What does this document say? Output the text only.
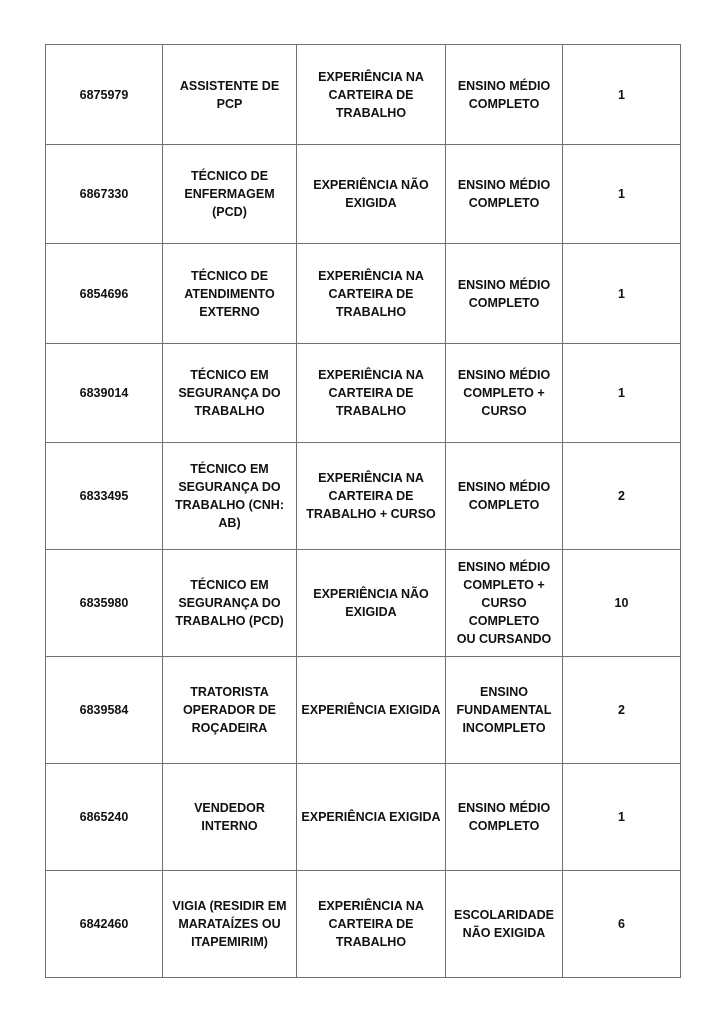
6875979	ASSISTENTE DE PCP	EXPERIÊNCIA NA
CARTEIRA DE
TRABALHO	ENSINO MÉDIO
COMPLETO	1
6867330	TÉCNICO DE
ENFERMAGEM (PCD)	EXPERIÊNCIA NÃO
EXIGIDA	ENSINO MÉDIO
COMPLETO	1
6854696	TÉCNICO DE
ATENDIMENTO
EXTERNO	EXPERIÊNCIA NA
CARTEIRA DE
TRABALHO	ENSINO MÉDIO
COMPLETO	1
6839014	TÉCNICO EM
SEGURANÇA DO
TRABALHO	EXPERIÊNCIA NA
CARTEIRA DE
TRABALHO	ENSINO MÉDIO
COMPLETO +
CURSO	1
6833495	TÉCNICO EM
SEGURANÇA DO
TRABALHO (CNH: AB)	EXPERIÊNCIA NA
CARTEIRA DE
TRABALHO + CURSO	ENSINO MÉDIO
COMPLETO	2
6835980	TÉCNICO EM
SEGURANÇA DO
TRABALHO (PCD)	EXPERIÊNCIA NÃO
EXIGIDA	ENSINO MÉDIO
COMPLETO +
CURSO COMPLETO
OU CURSANDO	10
6839584	TRATORISTA
OPERADOR DE
ROÇADEIRA	EXPERIÊNCIA EXIGIDA	ENSINO
FUNDAMENTAL
INCOMPLETO	2
6865240	VENDEDOR INTERNO	EXPERIÊNCIA EXIGIDA	ENSINO MÉDIO
COMPLETO	1
6842460	VIGIA (RESIDIR EM
MARATAÍZES OU
ITAPEMIRIM)	EXPERIÊNCIA NA
CARTEIRA DE
TRABALHO	ESCOLARIDADE
NÃO EXIGIDA	6
